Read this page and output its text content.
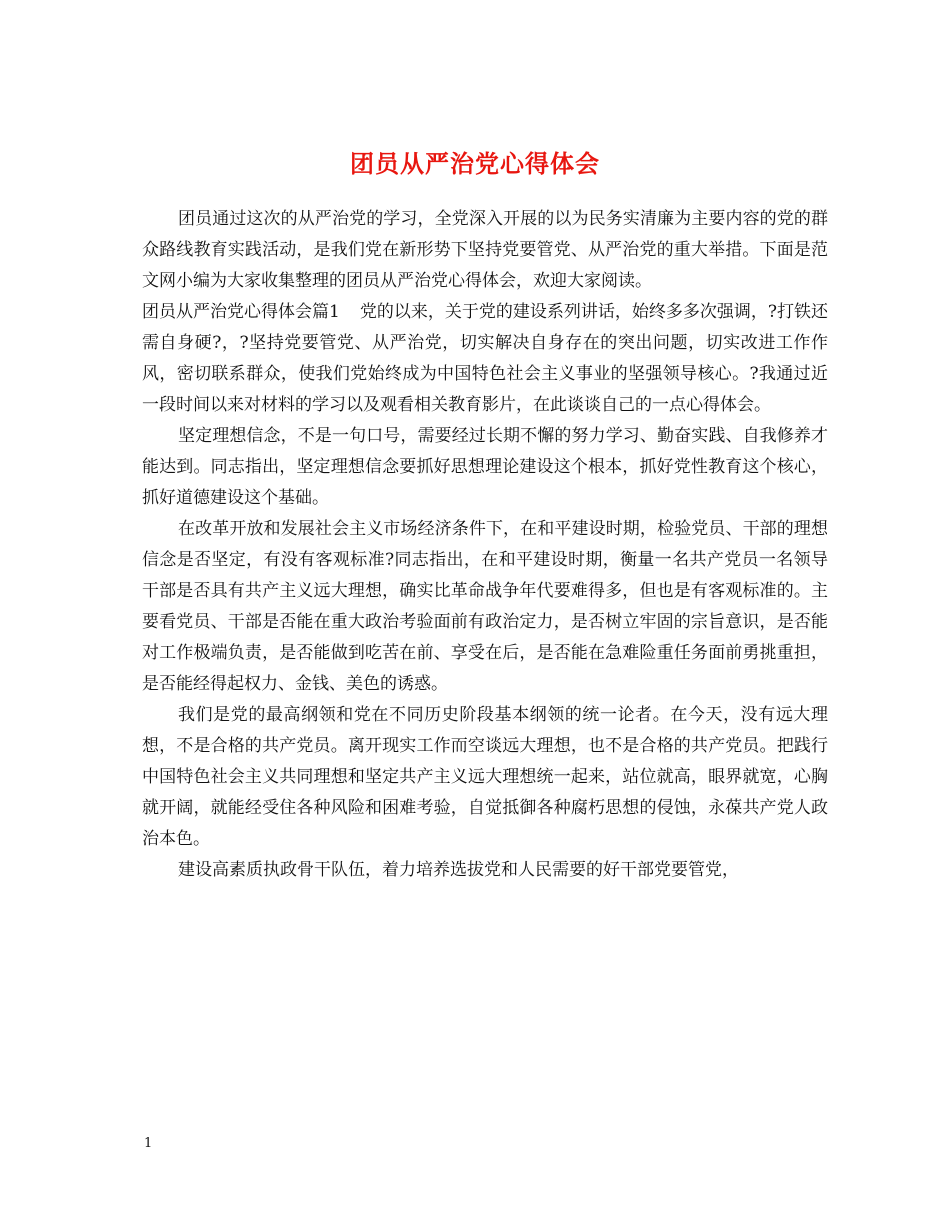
团员从严治党心得体会

团员通过这次的从严治党的学习，全党深入开展的以为民务实清廉为主要内容的党的群众路线教育实践活动，是我们党在新形势下坚持党要管党、从严治党的重大举措。下面是范文网小编为大家收集整理的团员从严治党心得体会，欢迎大家阅读。

团员从严治党心得体会篇1 党的以来，关于党的建设系列讲话，始终多多次强调，?打铁还需自身硬?，?坚持党要管党、从严治党，切实解决自身存在的突出问题，切实改进工作作风，密切联系群众，使我们党始终成为中国特色社会主义事业的坚强领导核心。?我通过近一段时间以来对材料的学习以及观看相关教育影片，在此谈谈自己的一点心得体会。

坚定理想信念，不是一句口号，需要经过长期不懈的努力学习、勤奋实践、自我修养才能达到。同志指出，坚定理想信念要抓好思想理论建设这个根本，抓好党性教育这个核心，抓好道德建设这个基础。

在改革开放和发展社会主义市场经济条件下，在和平建设时期，检验党员、干部的理想信念是否坚定，有没有客观标准?同志指出，在和平建设时期，衡量一名共产党员一名领导干部是否具有共产主义远大理想，确实比革命战争年代要难得多，但也是有客观标准的。主要看党员、干部是否能在重大政治考验面前有政治定力，是否树立牢固的宗旨意识，是否能对工作极端负责，是否能做到吃苦在前、享受在后，是否能在急难险重任务面前勇挑重担，是否能经得起权力、金钱、美色的诱惑。

我们是党的最高纲领和党在不同历史阶段基本纲领的统一论者。在今天，没有远大理想，不是合格的共产党员。离开现实工作而空谈远大理想，也不是合格的共产党员。把践行中国特色社会主义共同理想和坚定共产主义远大理想统一起来，站位就高，眼界就宽，心胸就开阔，就能经受住各种风险和困难考验，自觉抵御各种腐朽思想的侵蚀，永葆共产党人政治本色。

建设高素质执政骨干队伍，着力培养选拔党和人民需要的好干部党要管党，

1
